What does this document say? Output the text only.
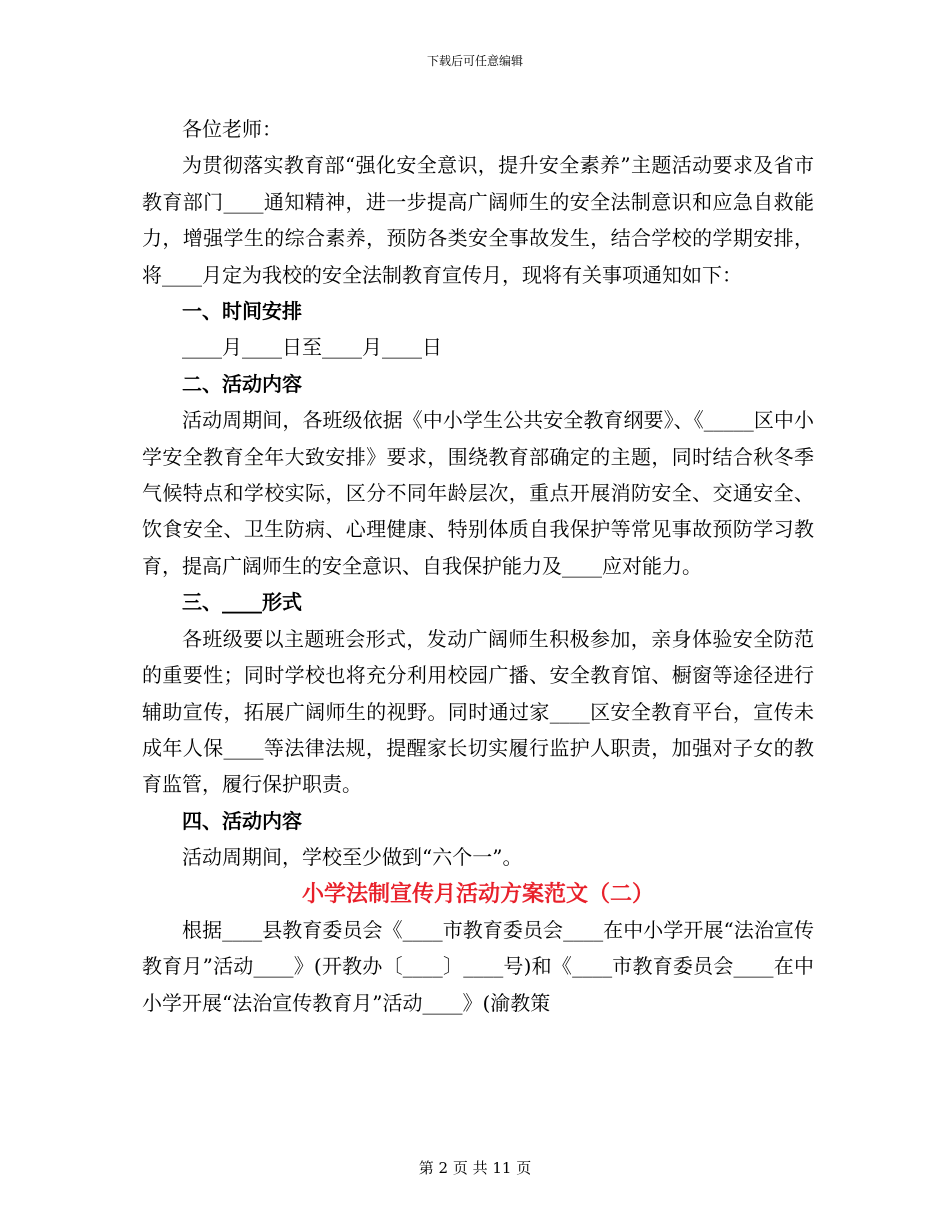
下载后可任意编辑

各位老师：

为贯彻落实教育部“强化安全意识，提升安全素养”主题活动要求及省市教育部门____通知精神，进一步提高广阔师生的安全法制意识和应急自救能力，增强学生的综合素养，预防各类安全事故发生，结合学校的学期安排，将____月定为我校的安全法制教育宣传月，现将有关事项通知如下：

一、时间安排

____月____日至____月____日

二、活动内容

活动周期间，各班级依据《中小学生公共安全教育纲要》、《_____区中小学安全教育全年大致安排》要求，围绕教育部确定的主题，同时结合秋冬季气候特点和学校实际，区分不同年龄层次，重点开展消防安全、交通安全、饮食安全、卫生防病、心理健康、特别体质自我保护等常见事故预防学习教育，提高广阔师生的安全意识、自我保护能力及____应对能力。

三、____形式

各班级要以主题班会形式，发动广阔师生积极参加，亲身体验安全防范的重要性；同时学校也将充分利用校园广播、安全教育馆、橱窗等途径进行辅助宣传，拓展广阔师生的视野。同时通过家____区安全教育平台，宣传未成年人保____等法律法规，提醒家长切实履行监护人职责，加强对子女的教育监管，履行保护职责。

四、活动内容

活动周期间，学校至少做到“六个一”。

小学法制宣传月活动方案范文（二）

根据____县教育委员会《____市教育委员会____在中小学开展“法治宣传教育月”活动____》(开教办〔____〕____号)和《____市教育委员会____在中小学开展“法治宣传教育月”活动____》(渝教策

第 2 页 共 11 页
